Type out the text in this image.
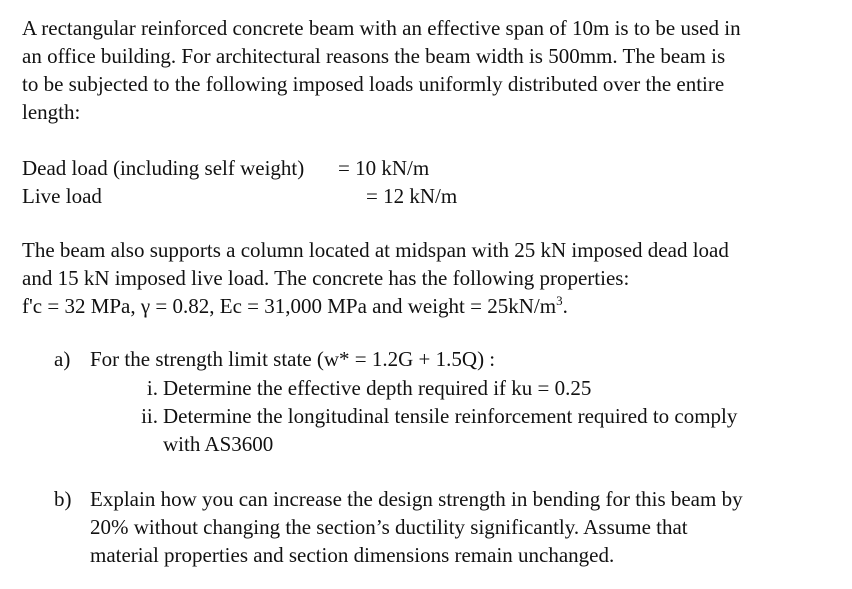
A rectangular reinforced concrete beam with an effective span of 10m is to be used in
an office building. For architectural reasons the beam width is 500mm. The beam is
to be subjected to the following imposed loads uniformly distributed over the entire
length:

Dead load (including self weight) = 10 kN/m
Live load	= 12 kN/m

The beam also supports a column located at midspan with 25 kN imposed dead load
and 15 kN imposed live load. The concrete has the following properties:
f'c = 32 MPa, γ = 0.82, Ec = 31,000 MPa and weight = $25kN/m^3$.

a) For the strength limit state (w* = 1.2G + 1.5Q) :
i. Determine the effective depth required if ku = 0.25
ii. Determine the longitudinal tensile reinforcement required to comply
with AS3600
b) Explain how you can increase the design strength in bending for this beam by
20% without changing the section’s ductility significantly. Assume that
material properties and section dimensions remain unchanged.
